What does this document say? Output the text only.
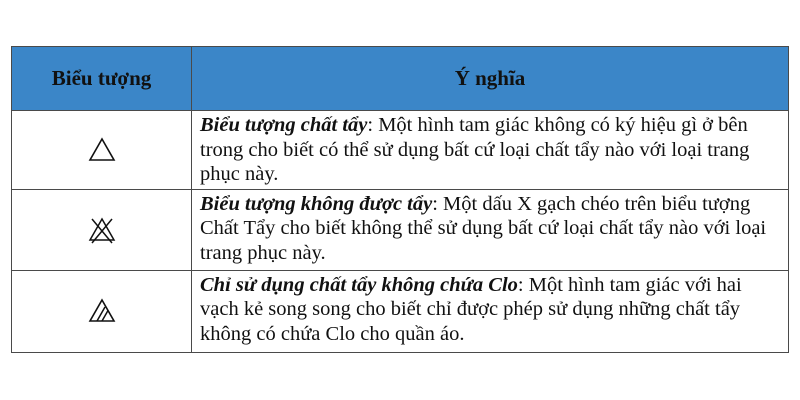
Biểu tượng	Ý nghĩa

	Biểu tượng chất tẩy: Một hình tam giác không có ký hiệu gì ở bên trong cho biết có thể sử dụng bất cứ loại chất tẩy nào với loại trang phục này.

	Biểu tượng không được tẩy: Một dấu X gạch chéo trên biểu tượng Chất Tẩy cho biết không thể sử dụng bất cứ loại chất tẩy nào với loại trang phục này.

	Chỉ sử dụng chất tẩy không chứa Clo: Một hình tam giác với hai vạch kẻ song song cho biết chỉ được phép sử dụng những chất tẩy không có chứa Clo cho quần áo.
